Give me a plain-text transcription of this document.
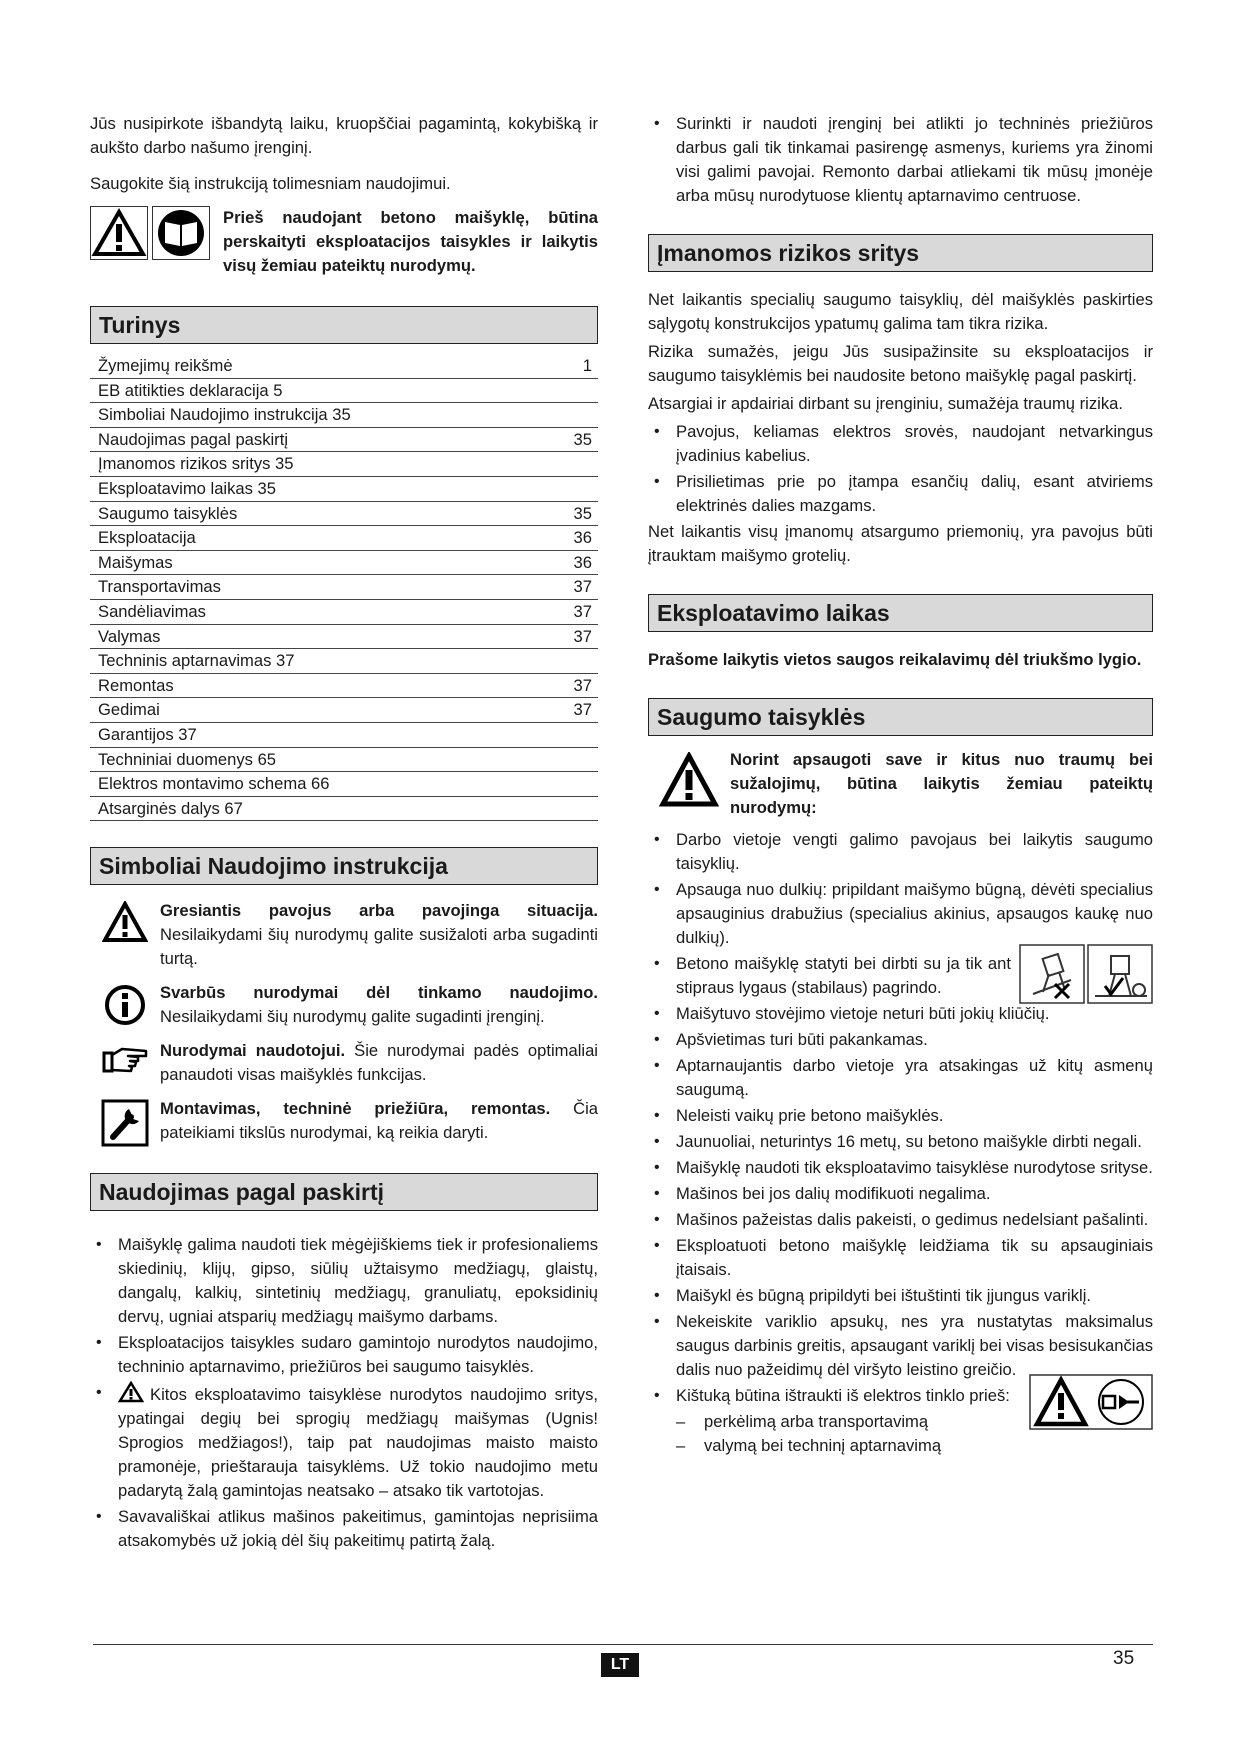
Jūs nusipirkote išbandytą laiku, kruopščiai pagamintą, kokybišką ir aukšto darbo našumo įrenginį.

Saugokite šią instrukciją tolimesniam naudojimui.

Prieš naudojant betono maišyklę, būtina perskaityti eksploatacijos taisykles ir laikytis visų žemiau pateiktų nurodymų.

Turinys
Žymejimų reikšmė	1
EB atitikties deklaracija 5	
Simboliai Naudojimo instrukcija 35	
Naudojimas pagal paskirtį	35
Įmanomos rizikos sritys 35	
Eksploatavimo laikas 35	
Saugumo taisyklės	35
Eksploatacija	36
Maišymas	36
Transportavimas	37
Sandėliavimas	37
Valymas	37
Techninis aptarnavimas 37	
Remontas	37
Gedimai	37
Garantijos 37	
Techniniai duomenys 65	
Elektros montavimo schema 66	
Atsarginės dalys 67	
Simboliai Naudojimo instrukcija
Gresiantis pavojus arba pavojinga situacija. Nesilaikydami šių nurodymų galite susižaloti arba sugadinti turtą.
Svarbūs nurodymai dėl tinkamo naudojimo. Nesilaikydami šių nurodymų galite sugadinti įrenginį.
Nurodymai naudotojui. Šie nurodymai padės optimaliai panaudoti visas maišyklės funkcijas.
Montavimas, techninė priežiūra, remontas. Čia pateikiami tikslūs nurodymai, ką reikia daryti.
Naudojimas pagal paskirtį
• Maišyklę galima naudoti tiek mėgėjiškiems tiek ir profesionaliems skiedinių, klijų, gipso, siūlių užtaisymo medžiagų, glaistų, dangalų, kalkių, sintetinių medžiagų, granuliatų, epoksidinių dervų, ugniai atsparių medžiagų maišymo darbams.
• Eksploatacijos taisykles sudaro gamintojo nurodytos naudojimo, techninio aptarnavimo, priežiūros bei saugumo taisyklės.
• Kitos eksploatavimo taisyklėse nurodytos naudojimo sritys, ypatingai degių bei sprogių medžiagų maišymas (Ugnis! Sprogios medžiagos!), taip pat naudojimas maisto maisto pramonėje, prieštarauja taisyklėms. Už tokio naudojimo metu padarytą žalą gamintojas neatsako – atsako tik vartotojas.
• Savavališkai atlikus mašinos pakeitimus, gamintojas neprisiima atsakomybės už jokią dėl šių pakeitimų patirtą žalą.
• Surinkti ir naudoti įrenginį bei atlikti jo techninės priežiūros darbus gali tik tinkamai pasirengę asmenys, kuriems yra žinomi visi galimi pavojai. Remonto darbai atliekami tik mūsų įmonėje arba mūsų nurodytuose klientų aptarnavimo centruose.
Įmanomos rizikos sritys

Net laikantis specialių saugumo taisyklių, dėl maišyklės paskirties sąlygotų konstrukcijos ypatumų galima tam tikra rizika.

Rizika sumažės, jeigu Jūs susipažinsite su eksploatacijos ir saugumo taisyklėmis bei naudosite betono maišyklę pagal paskirtį.

Atsargiai ir apdairiai dirbant su įrenginiu, sumažėja traumų rizika.

• Pavojus, keliamas elektros srovės, naudojant netvarkingus įvadinius kabelius.
• Prisilietimas prie po įtampa esančių dalių, esant atviriems elektrinės dalies mazgams.

Net laikantis visų įmanomų atsargumo priemonių, yra pavojus būti įtrauktam maišymo grotelių.

Eksploatavimo laikas

Prašome laikytis vietos saugos reikalavimų dėl triukšmo lygio.

Saugumo taisyklės

Norint apsaugoti save ir kitus nuo traumų bei sužalojimų, būtina laikytis žemiau pateiktų nurodymų:

• Darbo vietoje vengti galimo pavojaus bei laikytis saugumo taisyklių.
• Apsauga nuo dulkių: pripildant maišymo būgną, dėvėti specialius apsauginius drabužius (specialius akinius, apsaugos kaukę nuo dulkių).
• Betono maišyklę statyti bei dirbti su ja tik ant stipraus lygaus (stabilaus) pagrindo.
• Maišytuvo stovėjimo vietoje neturi būti jokių kliūčių.
• Apšvietimas turi būti pakankamas.
• Aptarnaujantis darbo vietoje yra atsakingas už kitų asmenų saugumą.
• Neleisti vaikų prie betono maišyklės.
• Jaunuoliai, neturintys 16 metų, su betono maišykle dirbti negali.
• Maišyklę naudoti tik eksploatavimo taisyklėse nurodytose srityse.
• Mašinos bei jos dalių modifikuoti negalima.
• Mašinos pažeistas dalis pakeisti, o gedimus nedelsiant pašalinti.
• Eksploatuoti betono maišyklę leidžiama tik su apsauginiais įtaisais.
• Maišykl ės būgną pripildyti bei ištuštinti tik įjungus variklį.
• Nekeiskite variklio apsukų, nes yra nustatytas maksimalus saugus darbinis greitis, apsaugant variklį bei visas besisukančias dalis nuo pažeidimų dėl viršyto leistino greičio.
• Kištuką būtina ištraukti iš elektros tinklo prieš:
– perkėlimą arba transportavimą
– valymą bei techninį aptarnavimą
LT	35
